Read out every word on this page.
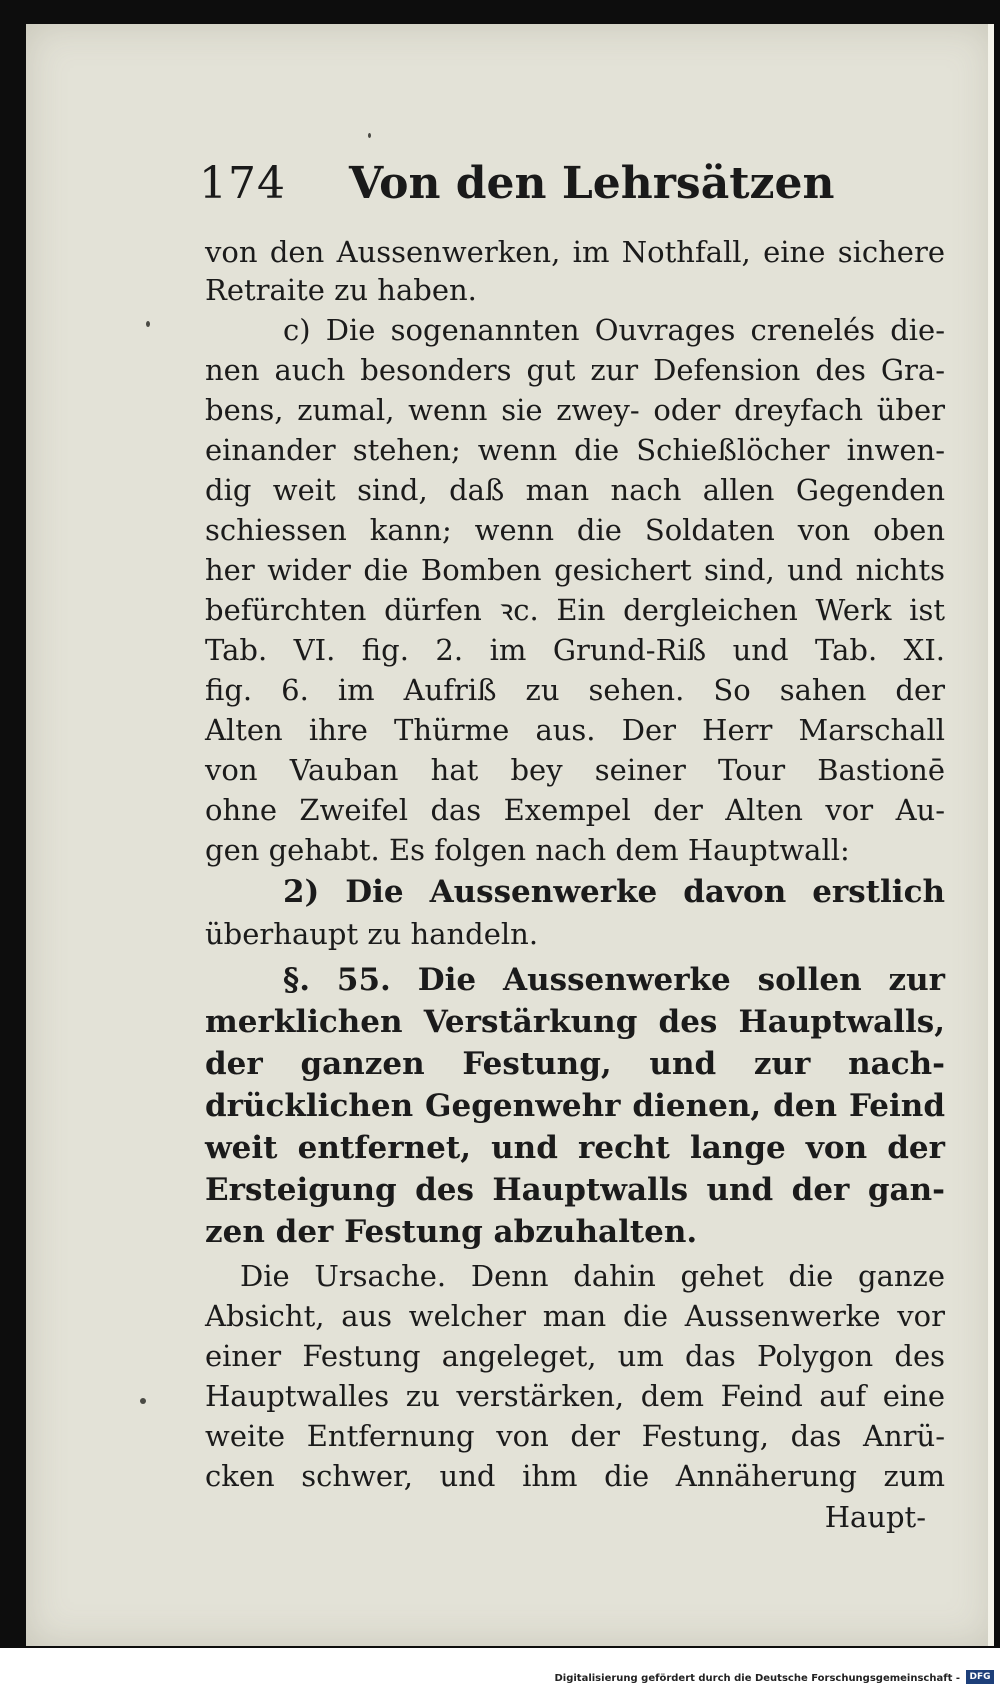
174 Von den Lehrsätzen
von den Aussenwerken, im Nothfall, eine sichere
Retraite zu haben.
c) Die sogenannten Ouvrages crenelés die-
nen auch besonders gut zur Defension des Gra-
bens, zumal, wenn sie zwey- oder dreyfach über
einander stehen; wenn die Schießlöcher inwen-
dig weit sind, daß man nach allen Gegenden
schiessen kann; wenn die Soldaten von oben
her wider die Bomben gesichert sind, und nichts
befürchten dürfen ꝛc. Ein dergleichen Werk ist
Tab. VI. fig. 2. im Grund-Riß und Tab. XI.
fig. 6. im Aufriß zu sehen. So sahen der
Alten ihre Thürme aus. Der Herr Marschall
von Vauban hat bey seiner Tour Bastionē
ohne Zweifel das Exempel der Alten vor Au-
gen gehabt. Es folgen nach dem Hauptwall:
2) Die Aussenwerke davon erstlich
überhaupt zu handeln.
§. 55. Die Aussenwerke sollen zur
merklichen Verstärkung des Hauptwalls,
der ganzen Festung, und zur nach-
drücklichen Gegenwehr dienen, den Feind
weit entfernet, und recht lange von der
Ersteigung des Hauptwalls und der gan-
zen der Festung abzuhalten.
Die Ursache. Denn dahin gehet die ganze
Absicht, aus welcher man die Aussenwerke vor
einer Festung angeleget, um das Polygon des
Hauptwalles zu verstärken, dem Feind auf eine
weite Entfernung von der Festung, das Anrü-
cken schwer, und ihm die Annäherung zum
Haupt-
Digitalisierung gefördert durch die Deutsche Forschungsgemeinschaft -	DFG
